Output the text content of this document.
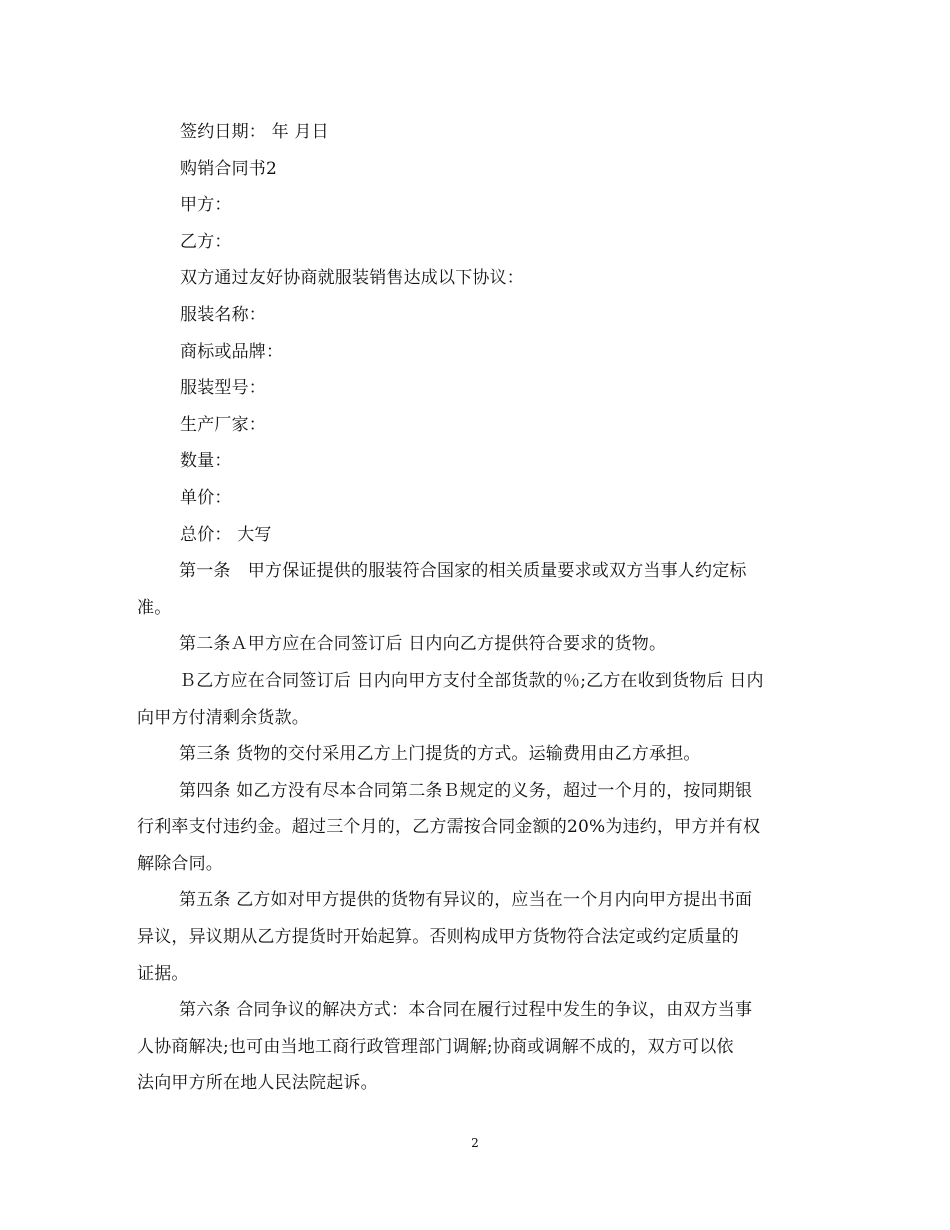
签约日期： 年 月日
购销合同书2
甲方：
乙方：
双方通过友好协商就服装销售达成以下协议：
服装名称：
商标或品牌：
服装型号：
生产厂家：
数量：
单价：
总价： 大写
第一条　甲方保证提供的服装符合国家的相关质量要求或双方当事人约定标
准。
第二条Ａ甲方应在合同签订后 日内向乙方提供符合要求的货物。
Ｂ乙方应在合同签订后 日内向甲方支付全部货款的％;乙方在收到货物后 日内
向甲方付清剩余货款。
第三条 货物的交付采用乙方上门提货的方式。运输费用由乙方承担。
第四条 如乙方没有尽本合同第二条Ｂ规定的义务，超过一个月的，按同期银
行利率支付违约金。超过三个月的，乙方需按合同金额的20%为违约，甲方并有权
解除合同。
第五条 乙方如对甲方提供的货物有异议的，应当在一个月内向甲方提出书面
异议，异议期从乙方提货时开始起算。否则构成甲方货物符合法定或约定质量的
证据。
第六条 合同争议的解决方式：本合同在履行过程中发生的争议，由双方当事
人协商解决;也可由当地工商行政管理部门调解;协商或调解不成的，双方可以依
法向甲方所在地人民法院起诉。
2
